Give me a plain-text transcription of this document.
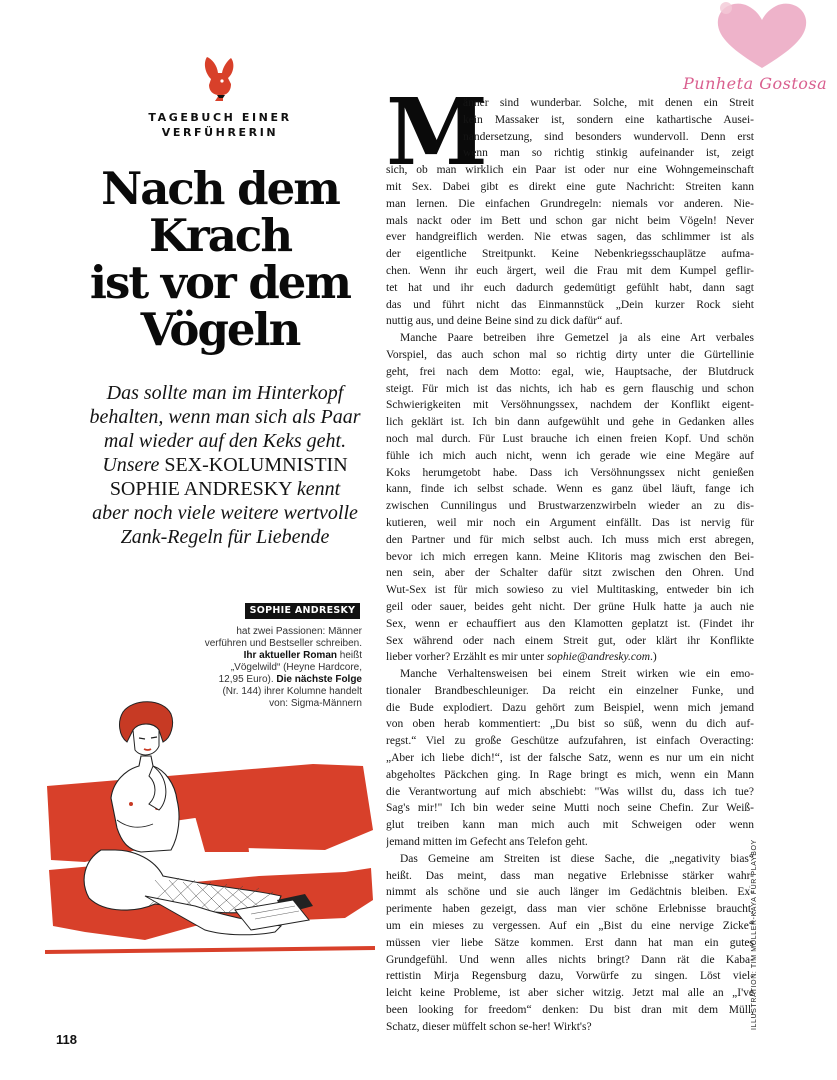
TAGEBUCH EINER
VERFÜHRERIN
Nach dem
Krach
ist vor dem
Vögeln
Das sollte man im Hinterkopf
behalten, wenn man sich als Paar
mal wieder auf den Keks geht.
Unsere SEX-KOLUMNISTIN
SOPHIE ANDRESKY kennt
aber noch viele weitere wertvolle
Zank-Regeln für Liebende
SOPHIE ANDRESKY
hat zwei Passionen: Männer
verführen und Bestseller schreiben.
Ihr aktueller Roman heißt
„Vögelwild“ (Heyne Hardcore,
12,95 Euro). Die nächste Folge
(Nr. 144) ihrer Kolumne handelt
von: Sigma-Männern
M
änner sind wunderbar. Solche, mit denen ein Streit
kein Massaker ist, sondern eine kathartische Ausei-
nandersetzung, sind besonders wundervoll. Denn erst
wenn man so richtig stinkig aufeinander ist, zeigt
sich, ob man wirklich ein Paar ist oder nur eine Wohngemeinschaft
mit Sex. Dabei gibt es direkt eine gute Nachricht: Streiten kann
man lernen. Die einfachen Grundregeln: niemals vor anderen. Nie-
mals nackt oder im Bett und schon gar nicht beim Vögeln! Never
ever handgreiflich werden. Nie etwas sagen, das schlimmer ist als
der eigentliche Streitpunkt. Keine Nebenkriegsschauplätze aufma-
chen. Wenn ihr euch ärgert, weil die Frau mit dem Kumpel geflir-
tet hat und ihr euch dadurch gedemütigt gefühlt habt, dann sagt
das und führt nicht das Einmannstück „Dein kurzer Rock sieht
nuttig aus, und deine Beine sind zu dick dafür“ auf.
Manche Paare betreiben ihre Gemetzel ja als eine Art verbales
Vorspiel, das auch schon mal so richtig dirty unter die Gürtellinie
geht, frei nach dem Motto: egal, wie, Hauptsache, der Blutdruck
steigt. Für mich ist das nichts, ich hab es gern flauschig und schon
Schwierigkeiten mit Versöhnungssex, nachdem der Konflikt eigent-
lich geklärt ist. Ich bin dann aufgewühlt und gehe in Gedanken alles
noch mal durch. Für Lust brauche ich einen freien Kopf. Und schön
fühle ich mich auch nicht, wenn ich gerade wie eine Megäre auf
Koks herumgetobt habe. Dass ich Versöhnungssex nicht genießen
kann, finde ich selbst schade. Wenn es ganz übel läuft, fange ich
zwischen Cunnilingus und Brustwarzenzwirbeln wieder an zu dis-
kutieren, weil mir noch ein Argument einfällt. Das ist nervig für
den Partner und für mich selbst auch. Ich muss mich erst abregen,
bevor ich mich erregen kann. Meine Klitoris mag zwischen den Bei-
nen sein, aber der Schalter dafür sitzt zwischen den Ohren. Und
Wut-Sex ist für mich sowieso zu viel Multitasking, entweder bin ich
geil oder sauer, beides geht nicht. Der grüne Hulk hatte ja auch nie
Sex, wenn er echauffiert aus den Klamotten geplatzt ist. (Findet ihr
Sex während oder nach einem Streit gut, oder klärt ihr Konflikte
lieber vorher? Erzählt es mir unter sophie@andresky.com.)
Manche Verhaltensweisen bei einem Streit wirken wie ein emo-
tionaler Brandbeschleuniger. Da reicht ein einzelner Funke, und
die Bude explodiert. Dazu gehört zum Beispiel, wenn mich jemand
von oben herab kommentiert: „Du bist so süß, wenn du dich auf-
regst.“ Viel zu große Geschütze aufzufahren, ist einfach Overacting:
„Aber ich liebe dich!“, ist der falsche Satz, wenn es nur um ein nicht
abgeholtes Päckchen ging. In Rage bringt es mich, wenn ein Mann
die Verantwortung auf mich abschiebt: "Was willst du, dass ich tue?
Sag's mir!" Ich bin weder seine Mutti noch seine Chefin. Zur Weiß-
glut treiben kann man mich auch mit Schweigen oder wenn
jemand mitten im Gefecht ans Telefon geht.
Das Gemeine am Streiten ist diese Sache, die „negativity bias“
heißt. Das meint, dass man negative Erlebnisse stärker wahr-
nimmt als schöne und sie auch länger im Gedächtnis bleiben. Ex-
perimente haben gezeigt, dass man vier schöne Erlebnisse braucht,
um ein mieses zu vergessen. Auf ein „Bist du eine nervige Zicke“
müssen vier liebe Sätze kommen. Erst dann hat man ein gutes
Grundgefühl. Und wenn alles nichts bringt? Dann rät die Kaba-
rettistin Mirja Regensburg dazu, Vorwürfe zu singen. Löst viel-
leicht keine Probleme, ist aber sicher witzig. Jetzt mal alle an „I've
been looking for freedom“ denken: Du bist dran mit dem Müll,
Schatz, dieser müffelt schon se-her! Wirkt's?	ILLUSTRATION: TIM MÖLLER-KAYA FÜR PLAYBOY
118
Punheta Gostosa
